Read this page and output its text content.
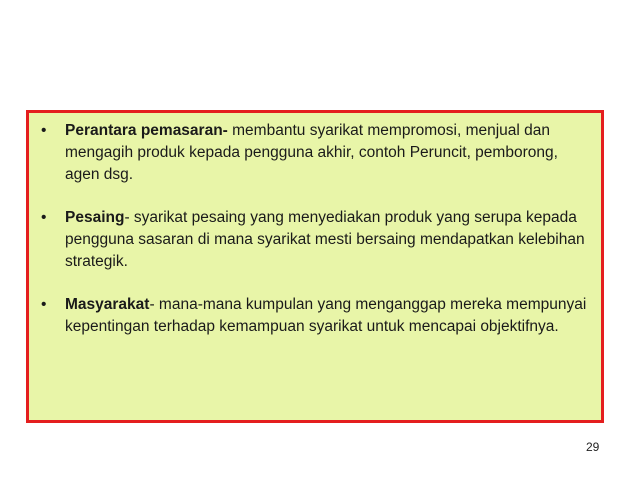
• Perantara pemasaran- membantu syarikat mempromosi, menjual dan mengagih produk kepada pengguna akhir, contoh Peruncit, pemborong, agen dsg.
• Pesaing- syarikat pesaing yang menyediakan produk yang serupa kepada pengguna sasaran di mana syarikat mesti bersaing mendapatkan kelebihan strategik.
• Masyarakat- mana-mana kumpulan yang menganggap mereka mempunyai kepentingan terhadap kemampuan syarikat untuk mencapai objektifnya.
29
